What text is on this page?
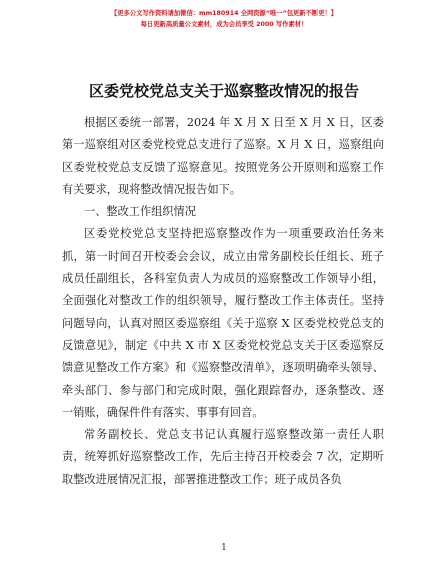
【更多公文写作资料请加微信：mm180914 全网资源“唯一”包更新不断更！】
每日更新高质量公文素材，成为会员享受 2000 写作素材！
区委党校党总支关于巡察整改情况的报告

根据区委统一部署，2024 年 X 月 X 日至 X 月 X 日，区委第一巡察组对区委党校党总支进行了巡察。X 月 X 日，巡察组向区委党校党总支反馈了巡察意见。按照党务公开原则和巡察工作有关要求，现将整改情况报告如下。

一、整改工作组织情况

区委党校党总支坚持把巡察整改作为一项重要政治任务来抓，第一时间召开校委会会议，成立由常务副校长任组长、班子成员任副组长，各科室负责人为成员的巡察整改工作领导小组，全面强化对整改工作的组织领导，履行整改工作主体责任。坚持问题导向，认真对照区委巡察组《关于巡察 X 区委党校党总支的反馈意见》，制定《中共 X 市 X 区委党校党总支关于区委巡察反馈意见整改工作方案》和《巡察整改清单》，逐项明确牵头领导、牵头部门、参与部门和完成时限，强化跟踪督办，逐条整改、逐一销账，确保件件有落实、事事有回音。

常务副校长、党总支书记认真履行巡察整改第一责任人职责，统筹抓好巡察整改工作，先后主持召开校委会 7 次，定期听取整改进展情况汇报，部署推进整改工作；班子成员各负

1
